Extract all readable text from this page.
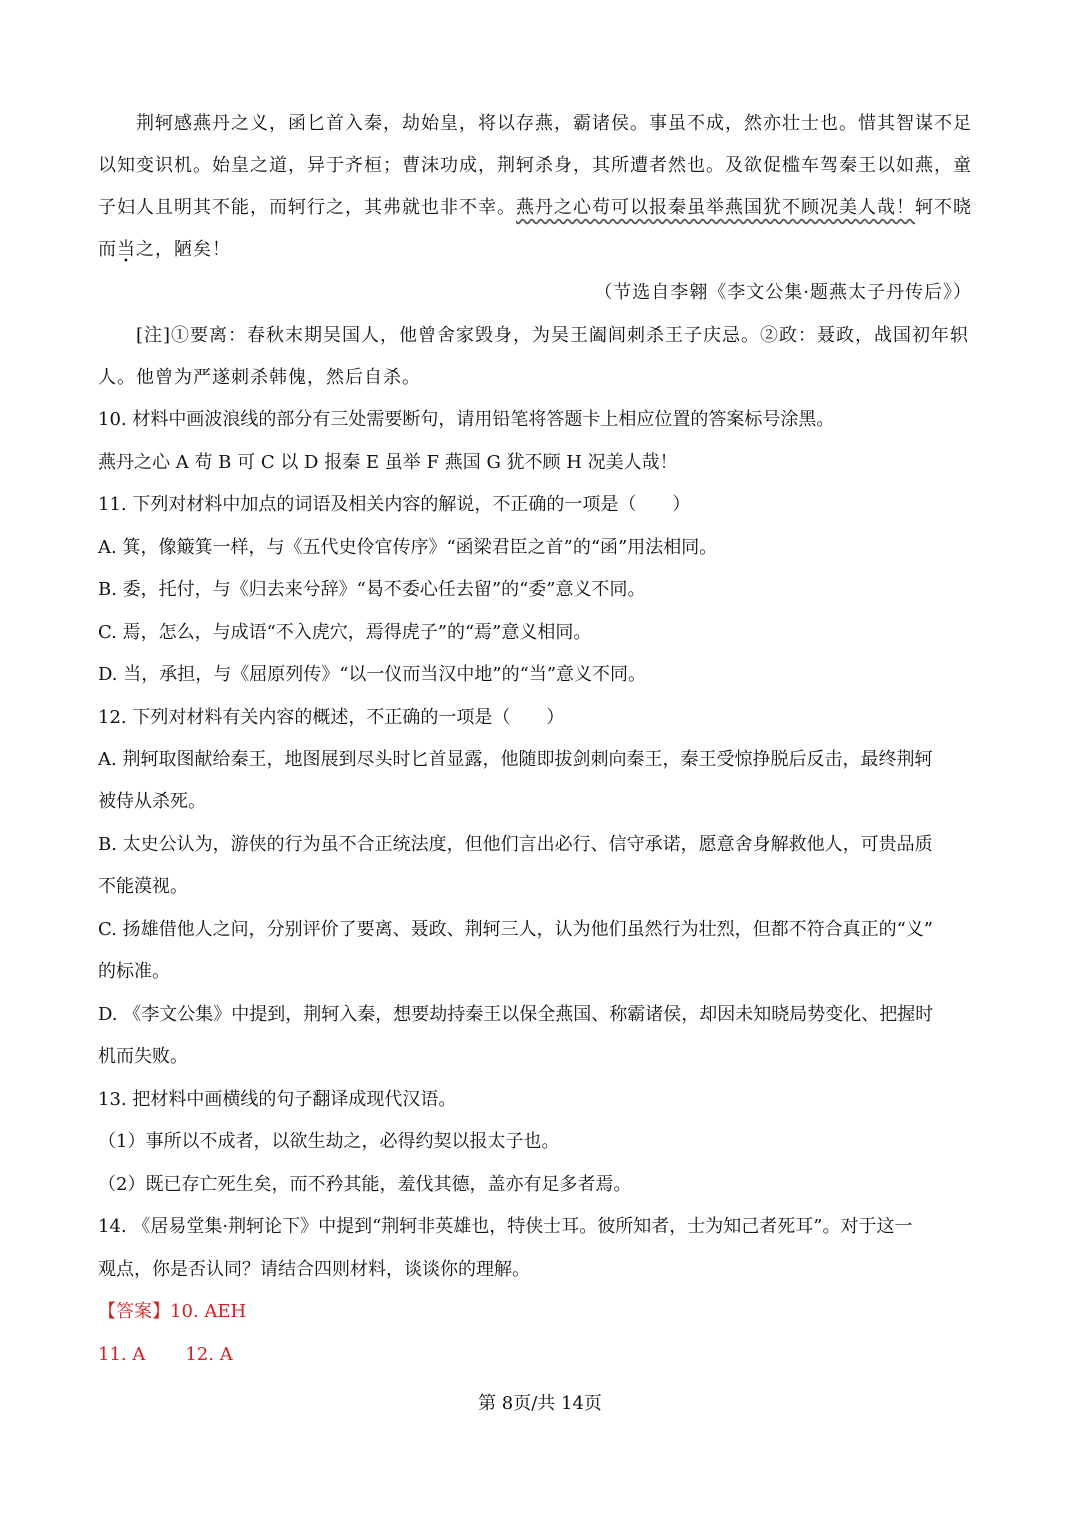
荆轲感燕丹之义，函匕首入秦，劫始皇，将以存燕，霸诸侯。事虽不成，然亦壮士也。惜其智谋不足
以知变识机。始皇之道，异于齐桓；曹沫功成，荆轲杀身，其所遭者然也。及欲促槛车驾秦王以如燕，童
子妇人且明其不能，而轲行之，其弗就也非不幸。燕丹之心苟可以报秦虽举燕国犹不顾况美人哉！轲不晓
而当之，陋矣！
（节选自李翱《李文公集·题燕太子丹传后》）
[注]①要离：春秋末期吴国人，他曾舍家毁身，为吴王阖闾刺杀王子庆忌。②政：聂政，战国初年轵
人。他曾为严遂刺杀韩傀，然后自杀。
10. 材料中画波浪线的部分有三处需要断句，请用铅笔将答题卡上相应位置的答案标号涂黑。
燕丹之心 A 苟 B 可 C 以 D 报秦 E 虽举 F 燕国 G 犹不顾 H 况美人哉！
11. 下列对材料中加点的词语及相关内容的解说，不正确的一项是（　　）
A. 箕，像簸箕一样，与《五代史伶官传序》“函梁君臣之首”的“函”用法相同。
B. 委，托付，与《归去来兮辞》“曷不委心任去留”的“委”意义不同。
C. 焉，怎么，与成语“不入虎穴，焉得虎子”的“焉”意义相同。
D. 当，承担，与《屈原列传》“以一仪而当汉中地”的“当”意义不同。
12. 下列对材料有关内容的概述，不正确的一项是（　　）
A. 荆轲取图献给秦王，地图展到尽头时匕首显露，他随即拔剑刺向秦王，秦王受惊挣脱后反击，最终荆轲
被侍从杀死。
B. 太史公认为，游侠的行为虽不合正统法度，但他们言出必行、信守承诺，愿意舍身解救他人，可贵品质
不能漠视。
C. 扬雄借他人之问，分别评价了要离、聂政、荆轲三人，认为他们虽然行为壮烈，但都不符合真正的“义”
的标准。
D. 《李文公集》中提到，荆轲入秦，想要劫持秦王以保全燕国、称霸诸侯，却因未知晓局势变化、把握时
机而失败。
13. 把材料中画横线的句子翻译成现代汉语。
（1）事所以不成者，以欲生劫之，必得约契以报太子也。
（2）既已存亡死生矣，而不矜其能，羞伐其德，盖亦有足多者焉。
14. 《居易堂集·荆轲论下》中提到“荆轲非英雄也，特侠士耳。彼所知者，士为知己者死耳”。对于这一
观点，你是否认同？请结合四则材料，谈谈你的理解。
【答案】10. AEH
11. A 12. A
第 8页/共 14页
